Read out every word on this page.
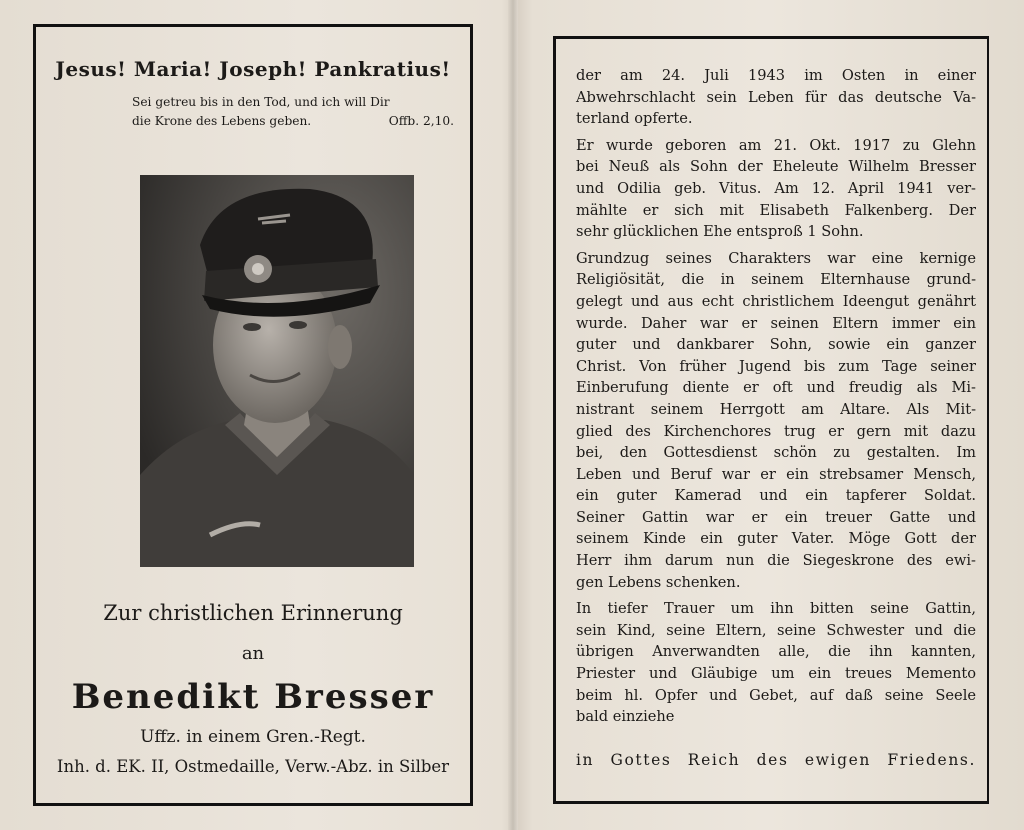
Jesus! Maria! Joseph! Pankratius!
Sei getreu bis in den Tod, und ich will Dir
die Krone des Lebens geben.	Offb. 2,10.
Zur christlichen Erinnerung
an
Benedikt Bresser
Uffz. in einem Gren.-Regt.
Inh. d. EK. II, Ostmedaille, Verw.-Abz. in Silber
der am 24. Juli 1943 im Osten in einer
Abwehrschlacht sein Leben für das deutsche Va-
terland opferte.
Er wurde geboren am 21. Okt. 1917 zu Glehn
bei Neuß als Sohn der Eheleute Wilhelm Bresser
und Odilia geb. Vitus. Am 12. April 1941 ver-
mählte er sich mit Elisabeth Falkenberg. Der
sehr glücklichen Ehe entsproß 1 Sohn.
Grundzug seines Charakters war eine kernige
Religiösität, die in seinem Elternhause grund-
gelegt und aus echt christlichem Ideengut genährt
wurde. Daher war er seinen Eltern immer ein
guter und dankbarer Sohn, sowie ein ganzer
Christ. Von früher Jugend bis zum Tage seiner
Einberufung diente er oft und freudig als Mi-
nistrant seinem Herrgott am Altare. Als Mit-
glied des Kirchenchores trug er gern mit dazu
bei, den Gottesdienst schön zu gestalten. Im
Leben und Beruf war er ein strebsamer Mensch,
ein guter Kamerad und ein tapferer Soldat.
Seiner Gattin war er ein treuer Gatte und
seinem Kinde ein guter Vater. Möge Gott der
Herr ihm darum nun die Siegeskrone des ewi-
gen Lebens schenken.
In tiefer Trauer um ihn bitten seine Gattin,
sein Kind, seine Eltern, seine Schwester und die
übrigen Anverwandten alle, die ihn kannten,
Priester und Gläubige um ein treues Memento
beim hl. Opfer und Gebet, auf daß seine Seele
bald einziehe
in Gottes Reich des ewigen Friedens.
